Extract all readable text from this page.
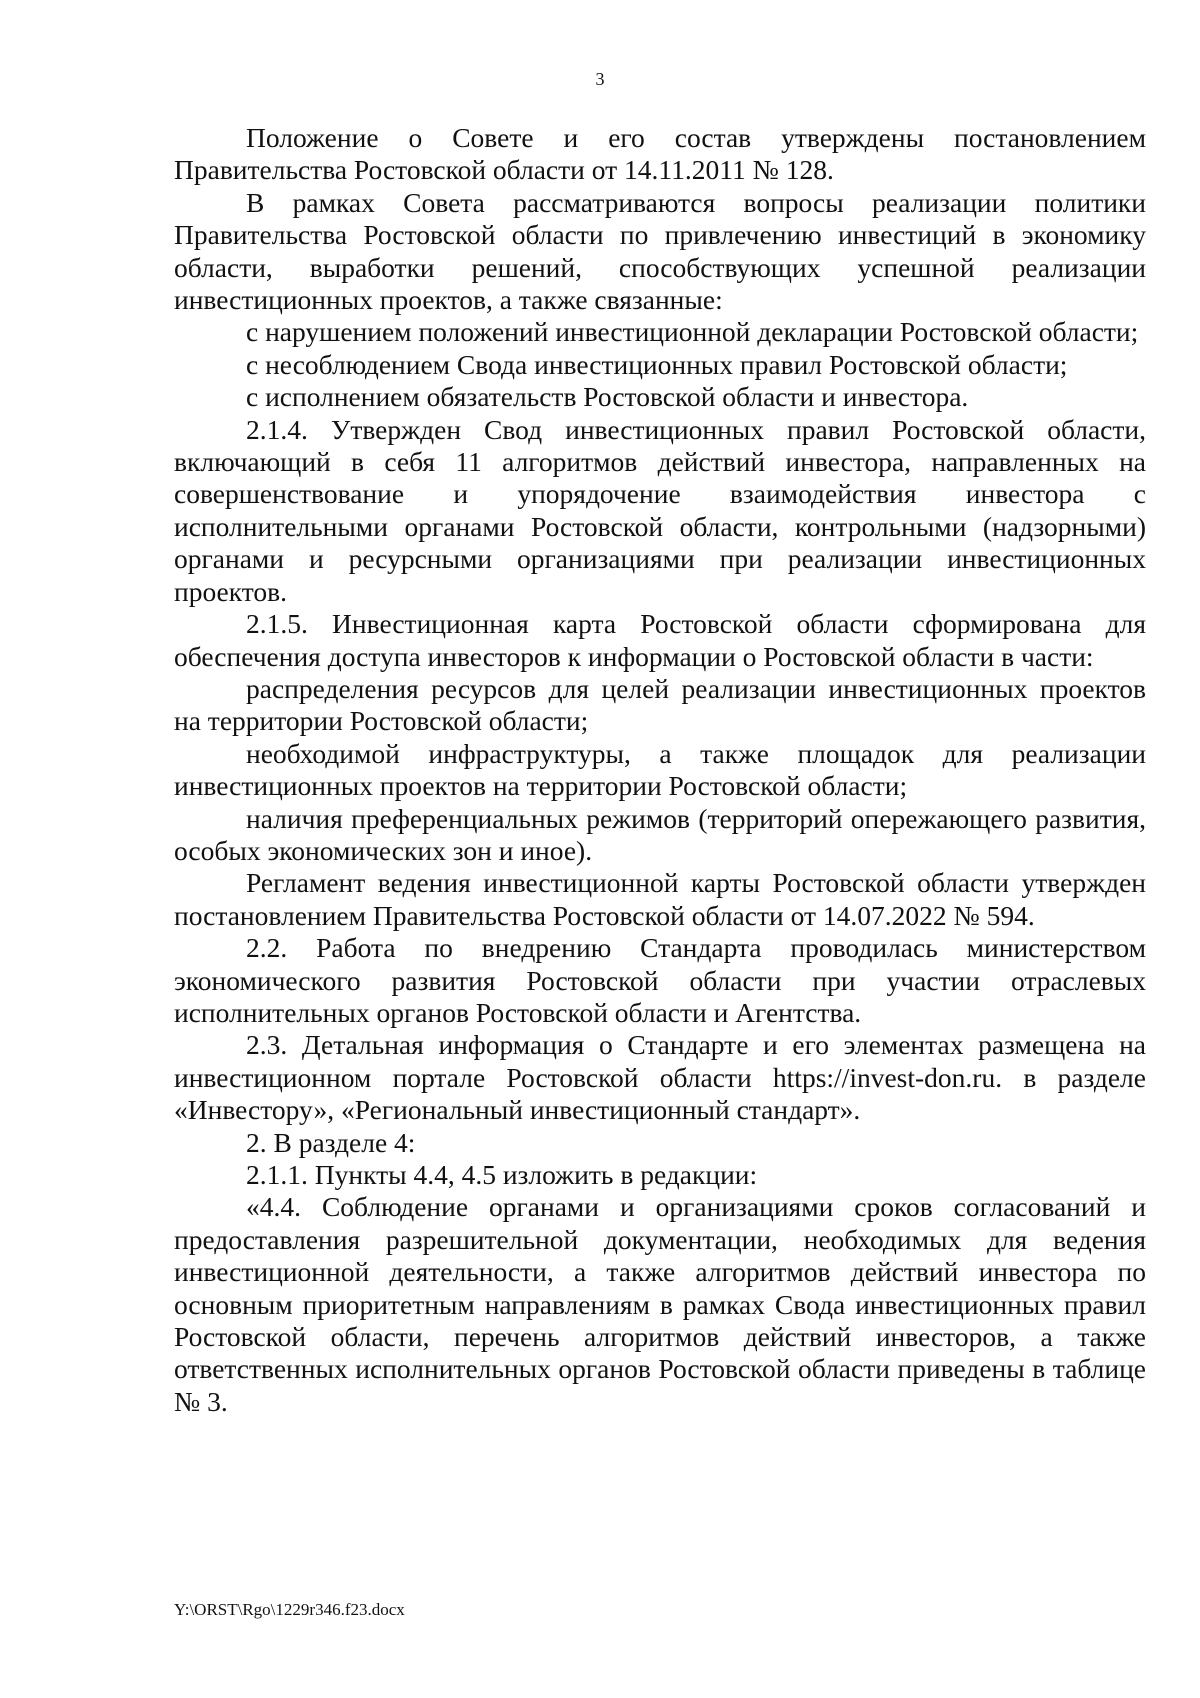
3

Положение о Совете и его состав утверждены постановлением Правительства Ростовской области от 14.11.2011 № 128.

В рамках Совета рассматриваются вопросы реализации политики Правительства Ростовской области по привлечению инвестиций в экономику области, выработки решений, способствующих успешной реализации инвестиционных проектов, а также связанные:

с нарушением положений инвестиционной декларации Ростовской области;

с несоблюдением Свода инвестиционных правил Ростовской области;

с исполнением обязательств Ростовской области и инвестора.

2.1.4. Утвержден Свод инвестиционных правил Ростовской области, включающий в себя 11 алгоритмов действий инвестора, направленных на совершенствование и упорядочение взаимодействия инвестора с исполнительными органами Ростовской области, контрольными (надзорными) органами и ресурсными организациями при реализации инвестиционных проектов.

2.1.5. Инвестиционная карта Ростовской области сформирована для обеспечения доступа инвесторов к информации о Ростовской области в части:

распределения ресурсов для целей реализации инвестиционных проектов на территории Ростовской области;

необходимой инфраструктуры, а также площадок для реализации инвестиционных проектов на территории Ростовской области;

наличия преференциальных режимов (территорий опережающего развития, особых экономических зон и иное).

Регламент ведения инвестиционной карты Ростовской области утвержден постановлением Правительства Ростовской области от 14.07.2022 № 594.

2.2. Работа по внедрению Стандарта проводилась министерством экономического развития Ростовской области при участии отраслевых исполнительных органов Ростовской области и Агентства.

2.3. Детальная информация о Стандарте и его элементах размещена на инвестиционном портале Ростовской области https://invest-don.ru. в разделе «Инвестору», «Региональный инвестиционный стандарт».

2. В разделе 4:

2.1.1. Пункты 4.4, 4.5 изложить в редакции:

«4.4. Соблюдение органами и организациями сроков согласований и предоставления разрешительной документации, необходимых для ведения инвестиционной деятельности, а также алгоритмов действий инвестора по основным приоритетным направлениям в рамках Свода инвестиционных правил Ростовской области, перечень алгоритмов действий инвесторов, а также ответственных исполнительных органов Ростовской области приведены в таблице № 3.

Y:\ORST\Rgo\1229r346.f23.docx
